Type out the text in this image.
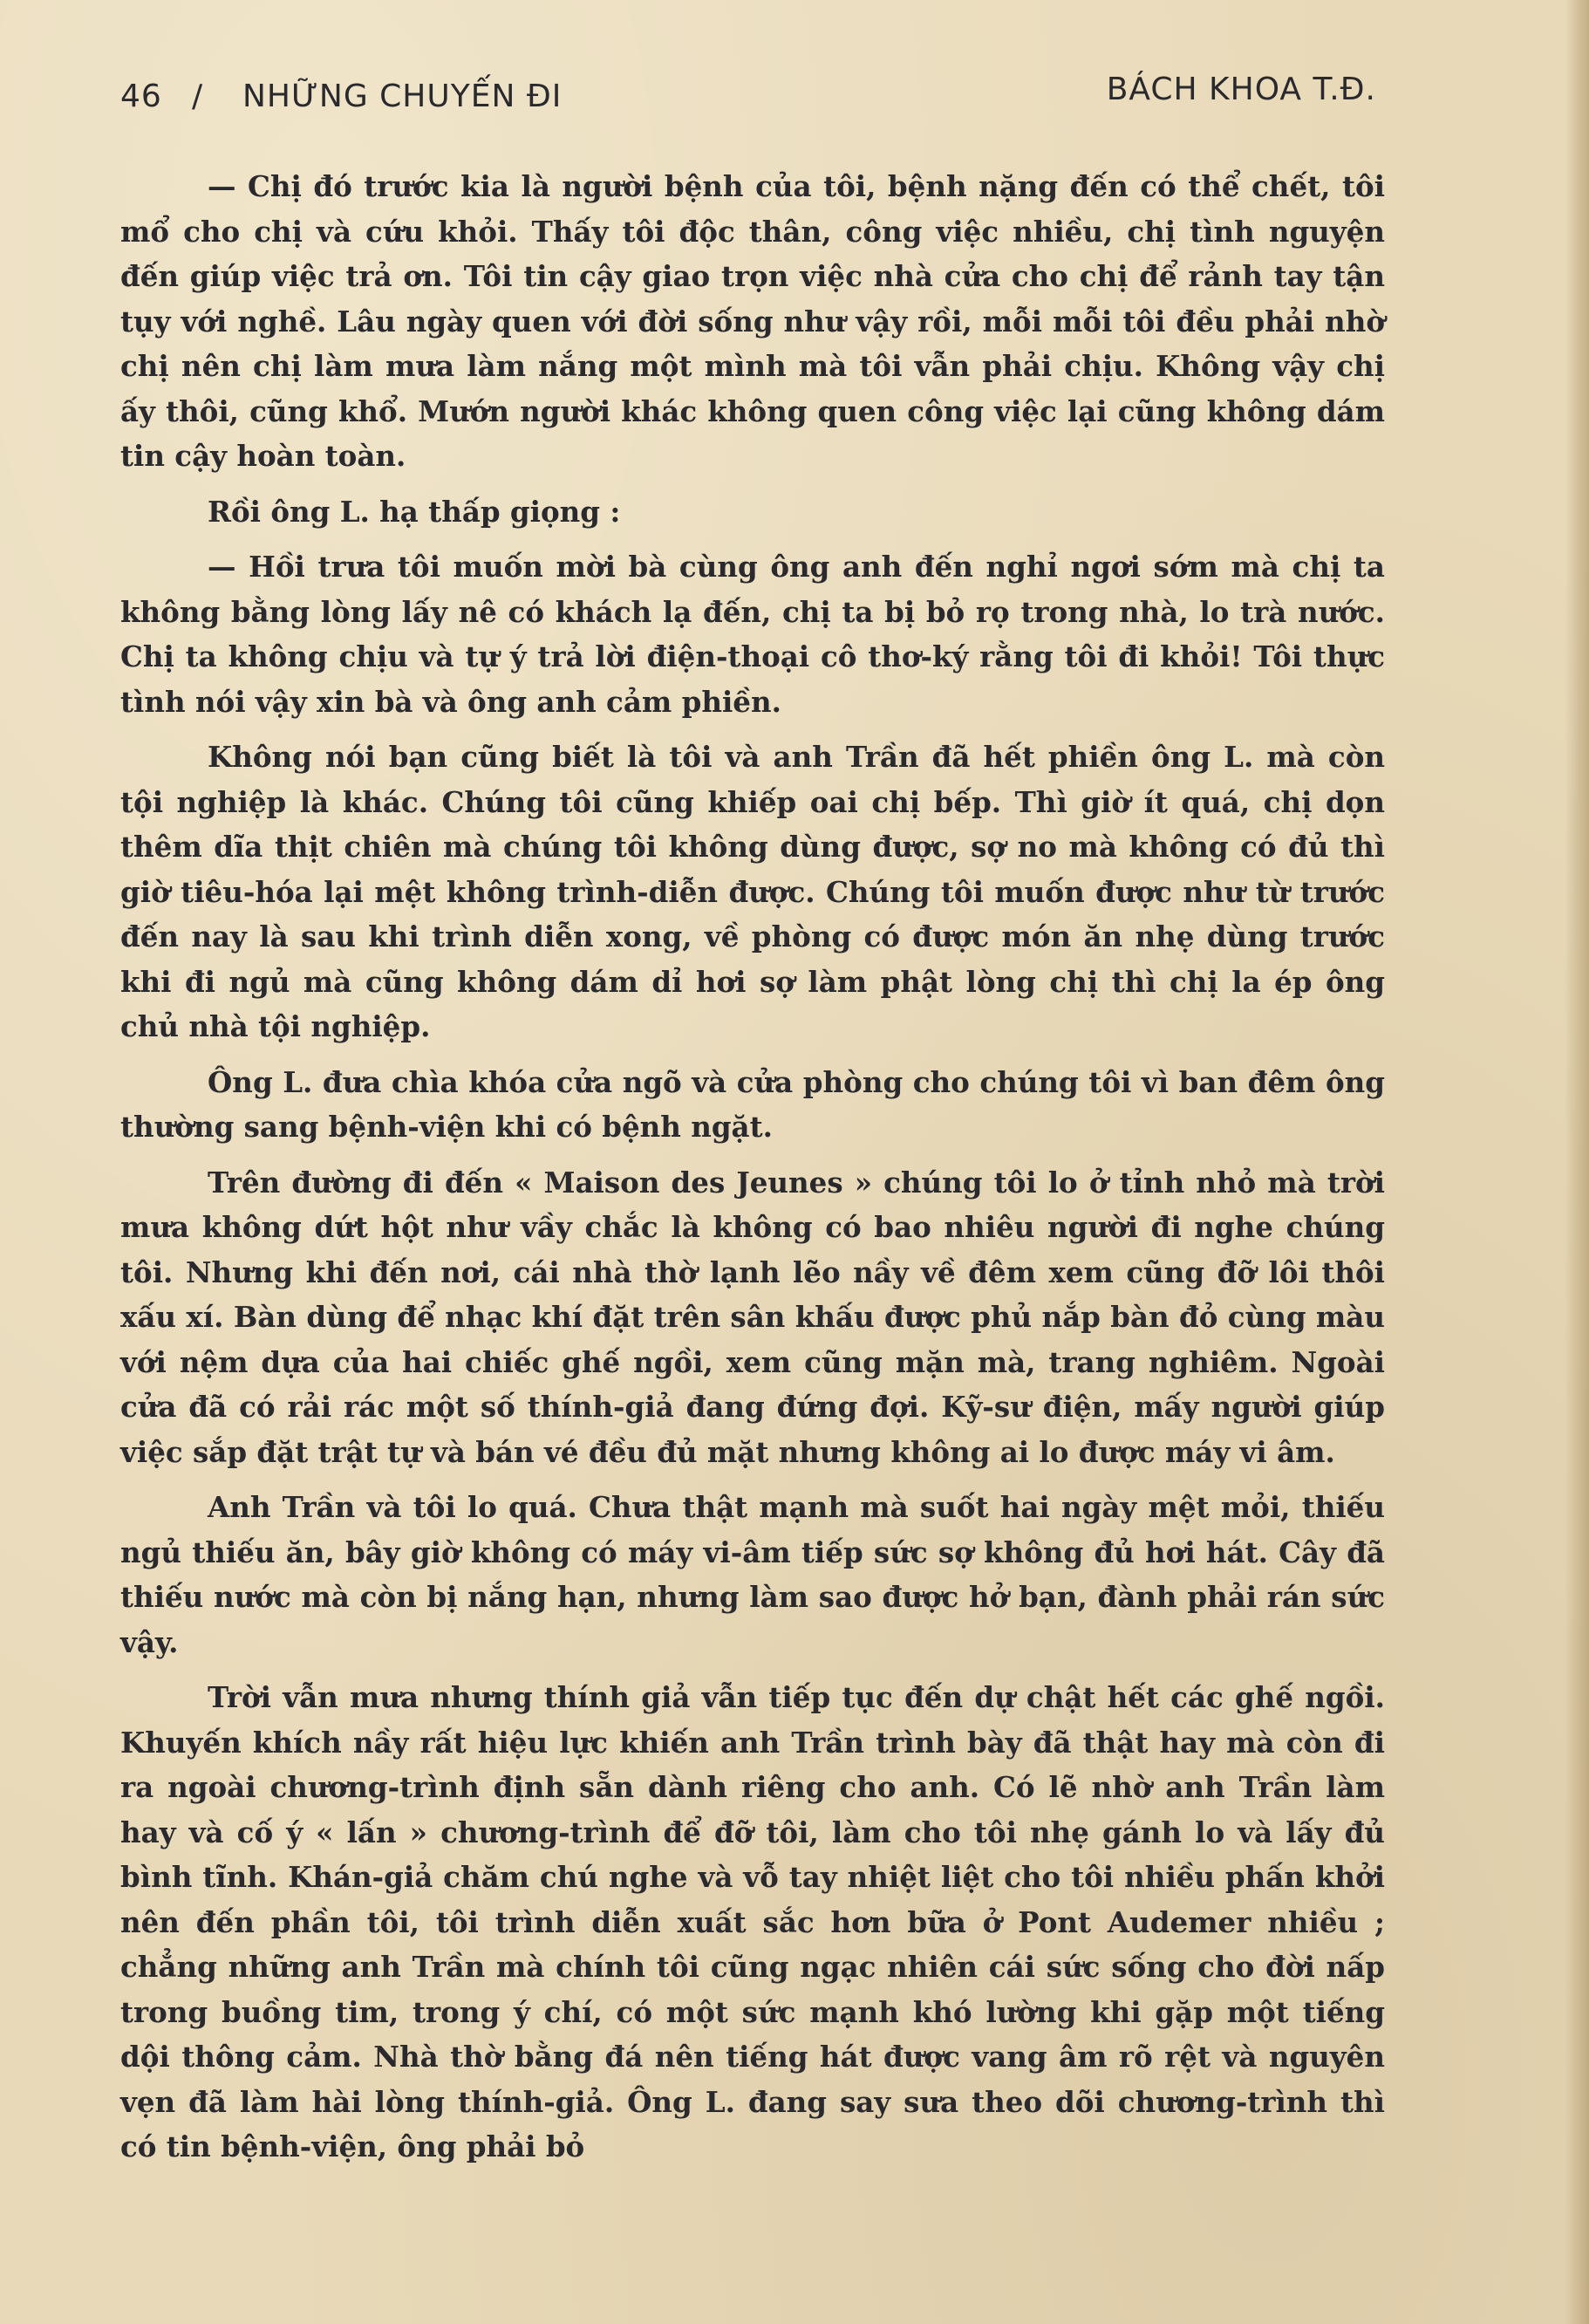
46 / NHỮNG CHUYẾN ĐI	BÁCH KHOA T.Đ.

— Chị đó trước kia là người bệnh của tôi, bệnh nặng đến có thể chết, tôi mổ cho chị và cứu khỏi. Thấy tôi độc thân, công việc nhiều, chị tình nguyện đến giúp việc trả ơn. Tôi tin cậy giao trọn việc nhà cửa cho chị để rảnh tay tận tụy với nghề. Lâu ngày quen với đời sống như vậy rồi, mỗi mỗi tôi đều phải nhờ chị nên chị làm mưa làm nắng một mình mà tôi vẫn phải chịu. Không vậy chị ấy thôi, cũng khổ. Mướn người khác không quen công việc lại cũng không dám tin cậy hoàn toàn.

Rồi ông L. hạ thấp giọng :

— Hồi trưa tôi muốn mời bà cùng ông anh đến nghỉ ngơi sớm mà chị ta không bằng lòng lấy nê có khách lạ đến, chị ta bị bỏ rọ trong nhà, lo trà nước. Chị ta không chịu và tự ý trả lời điện-thoại cô thơ-ký rằng tôi đi khỏi! Tôi thực tình nói vậy xin bà và ông anh cảm phiền.

Không nói bạn cũng biết là tôi và anh Trần đã hết phiền ông L. mà còn tội nghiệp là khác. Chúng tôi cũng khiếp oai chị bếp. Thì giờ ít quá, chị dọn thêm dĩa thịt chiên mà chúng tôi không dùng được, sợ no mà không có đủ thì giờ tiêu-hóa lại mệt không trình-diễn được. Chúng tôi muốn được như từ trước đến nay là sau khi trình diễn xong, về phòng có được món ăn nhẹ dùng trước khi đi ngủ mà cũng không dám dỉ hơi sợ làm phật lòng chị thì chị la ép ông chủ nhà tội nghiệp.

Ông L. đưa chìa khóa cửa ngõ và cửa phòng cho chúng tôi vì ban đêm ông thường sang bệnh-viện khi có bệnh ngặt.

Trên đường đi đến « Maison des Jeunes » chúng tôi lo ở tỉnh nhỏ mà trời mưa không dứt hột như vầy chắc là không có bao nhiêu người đi nghe chúng tôi. Nhưng khi đến nơi, cái nhà thờ lạnh lẽo nầy về đêm xem cũng đỡ lôi thôi xấu xí. Bàn dùng để nhạc khí đặt trên sân khấu được phủ nắp bàn đỏ cùng màu với nệm dựa của hai chiếc ghế ngồi, xem cũng mặn mà, trang nghiêm. Ngoài cửa đã có rải rác một số thính-giả đang đứng đợi. Kỹ-sư điện, mấy người giúp việc sắp đặt trật tự và bán vé đều đủ mặt nhưng không ai lo được máy vi âm.

Anh Trần và tôi lo quá. Chưa thật mạnh mà suốt hai ngày mệt mỏi, thiếu ngủ thiếu ăn, bây giờ không có máy vi-âm tiếp sức sợ không đủ hơi hát. Cây đã thiếu nước mà còn bị nắng hạn, nhưng làm sao được hở bạn, đành phải rán sức vậy.

Trời vẫn mưa nhưng thính giả vẫn tiếp tục đến dự chật hết các ghế ngồi. Khuyến khích nầy rất hiệu lực khiến anh Trần trình bày đã thật hay mà còn đi ra ngoài chương-trình định sẵn dành riêng cho anh. Có lẽ nhờ anh Trần làm hay và cố ý « lấn » chương-trình để đỡ tôi, làm cho tôi nhẹ gánh lo và lấy đủ bình tĩnh. Khán-giả chăm chú nghe và vỗ tay nhiệt liệt cho tôi nhiều phấn khởi nên đến phần tôi, tôi trình diễn xuất sắc hơn bữa ở Pont Audemer nhiều ; chẳng những anh Trần mà chính tôi cũng ngạc nhiên cái sức sống cho đời nấp trong buồng tim, trong ý chí, có một sức mạnh khó lường khi gặp một tiếng dội thông cảm. Nhà thờ bằng đá nên tiếng hát được vang âm rõ rệt và nguyên vẹn đã làm hài lòng thính-giả. Ông L. đang say sưa theo dõi chương-trình thì có tin bệnh-viện, ông phải bỏ
